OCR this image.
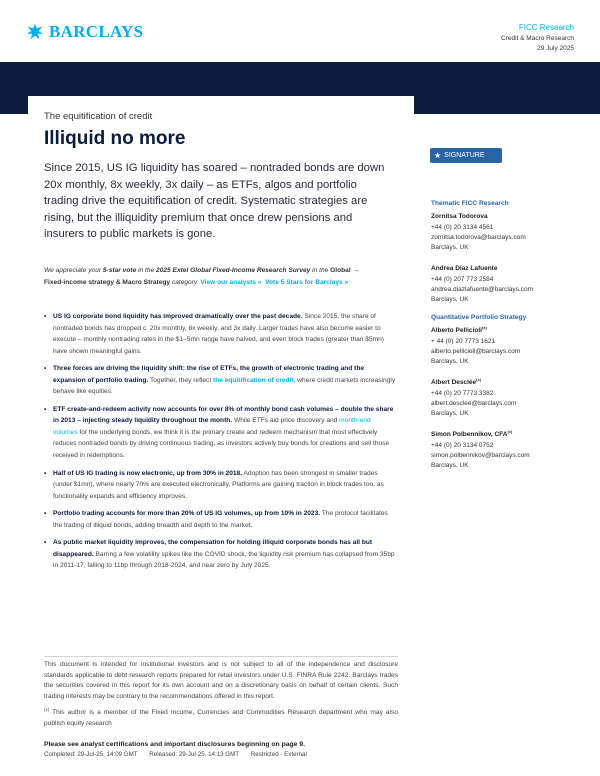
BARCLAYS	FICC Research
Credit & Macro Research
29 July 2025
The equitification of credit
Illiquid no more
Since 2015, US IG liquidity has soared – nontraded bonds are down 20x monthly, 8x weekly, 3x daily – as ETFs, algos and portfolio trading drive the equitification of credit. Systematic strategies are rising, but the illiquidity premium that once drew pensions and insurers to public markets is gone.
We appreciate your 5-star vote in the 2025 Extel Global Fixed-Income Research Survey in the Global → Fixed-income strategy & Macro Strategy category. View our analysts » Vote 5 Stars for Barclays »
• US IG corporate bond liquidity has improved dramatically over the past decade. Since 2015, the share of nontraded bonds has dropped c. 20x monthly, 8x weekly, and 3x daily. Larger trades have also become easier to execute – monthly nontrading rates in the $1–5mn range have halved, and even block trades (greater than $5mn) have shown meaningful gains.
• Three forces are driving the liquidity shift: the rise of ETFs, the growth of electronic trading and the expansion of portfolio trading. Together, they reflect the equitification of credit, where credit markets increasingly behave like equities.
• ETF create-and-redeem activity now accounts for over 8% of monthly bond cash volumes – double the share in 2013 – injecting steady liquidity throughout the month. While ETFs aid price discovery and month-end volumes for the underlying bonds, we think it is the primary create and redeem mechanism that most effectively reduces nontraded bonds by driving continuous trading, as investors actively buy bonds for creations and sell those received in redemptions.
• Half of US IG trading is now electronic, up from 30% in 2018. Adoption has been strongest in smaller trades (under $1mn), where nearly 70% are executed electronically. Platforms are gaining traction in block trades too, as functionality expands and efficiency improves.
• Portfolio trading accounts for more than 20% of US IG volumes, up from 10% in 2023. The protocol facilitates the trading of illiquid bonds, adding breadth and depth to the market.
• As public market liquidity improves, the compensation for holding illiquid corporate bonds has all but disappeared. Barring a few volatility spikes like the COVID shock, the liquidity risk premium has collapsed from 35bp in 2011-17, falling to 11bp through 2018-2024, and near zero by July 2025.
This document is intended for institutional investors and is not subject to all of the independence and disclosure standards applicable to debt research reports prepared for retail investors under U.S. FINRA Rule 2242. Barclays trades the securities covered in this report for its own account and on a discretionary basis on behalf of certain clients. Such trading interests may be contrary to the recommendations offered in this report.
$^{(x)}$ This author is a member of the Fixed Income, Currencies and Commodities Research department who may also publish equity research
Please see analyst certifications and important disclosures beginning on page 9.
Completed: 29-Jul-25, 14:09 GMT Released: 29-Jul-25, 14:13 GMT Restricted - External
★ SIGNATURE
Thematic FICC Research
Zornitsa Todorova
+44 (0) 20 3134 4561
zornitsa.todorova@barclays.com
Barclays, UK
Andrea Diaz Lafuente
+44 (0) 207 773 2584
andrea.diazlafuente@barclays.com
Barclays, UK
Quantitative Portfolio Strategy
Alberto Pellicioli$^{(x)}$
+ 44 (0) 20 7773 1621
alberto.pellicioli@barclays.com
Barclays, UK
Albert Desclée$^{(x)}$
+44 (0) 20 7773 3382
albert.desclee@barclays.com
Barclays, UK
Simon Polbennikov, $CFA^{(x)}$
+44 (0) 20 3134 0752
simon.polbennikov@barclays.com
Barclays, UK
